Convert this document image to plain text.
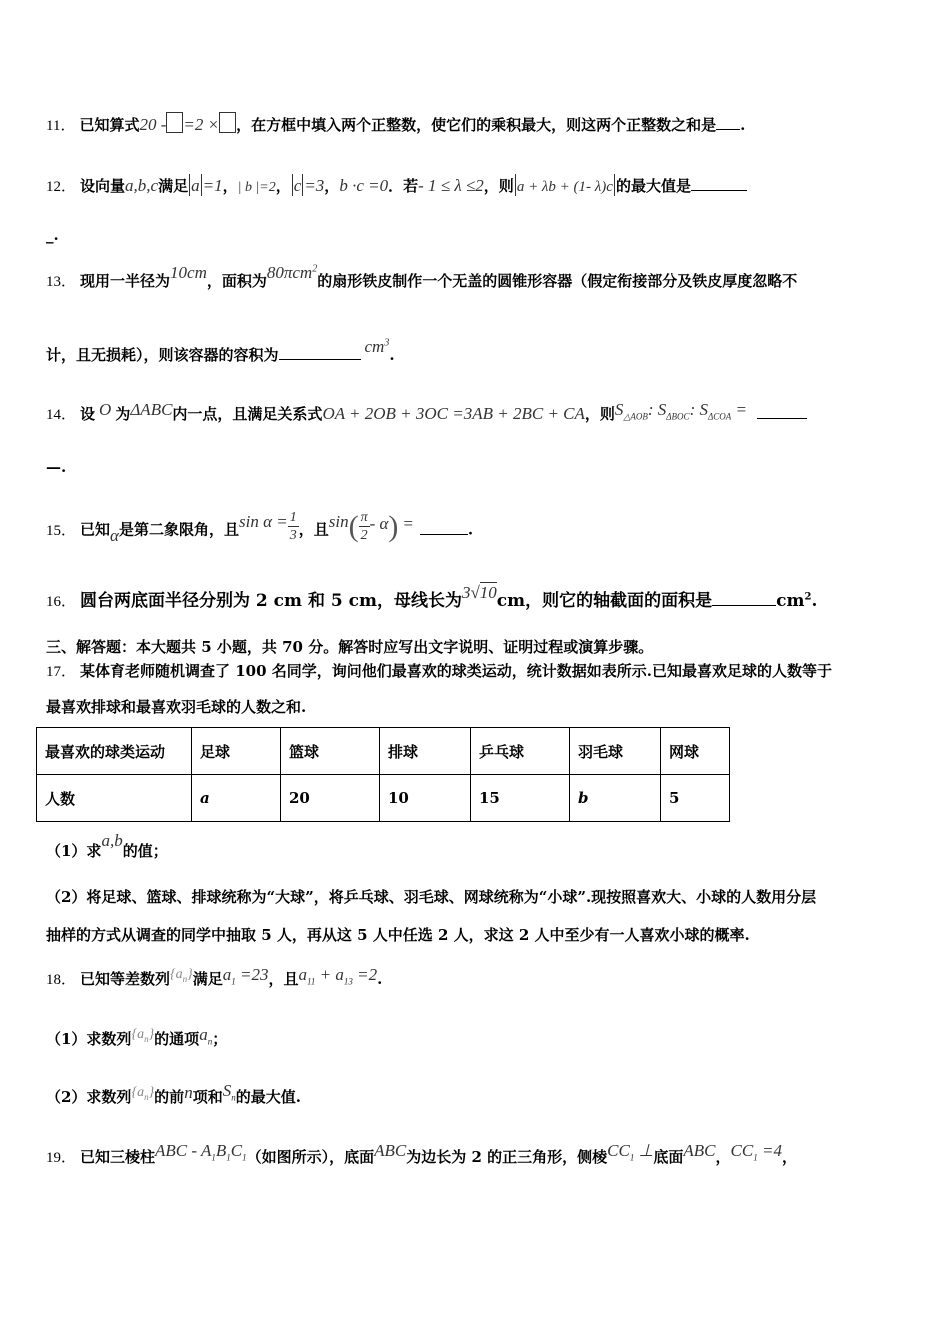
11． 已知算式20 - =2 × ，在方框中填入两个正整数，使它们的乘积最大，则这两个正整数之和是 .
12． 设向量a,b,c满足 a =1，| b |=2， c =3，b ·c =0．若- 1 ≤ λ ≤2，则 a + λb + (1- λ)c 的最大值是
_.
13． 现用一半径为10cm，面积为80πcm$^2$的扇形铁皮制作一个无盖的圆锥形容器（假定衔接部分及铁皮厚度忽略不
计，且无损耗），则该容器的容积为	$cm^3$.
14． 设 O 为ΔABC内一点，且满足关系式OA + 2OB + 3OC =3AB + 2BC + CA，则$S_{\triangle AOB}$: $S_{\Delta BOC}$: $S_{\Delta COA}$ =
—.
15． 已知α是第二象限角，且$\sin \alpha = \frac{1}{3}$ ，且$\sin( \frac{\pi}{2} - \alpha)$ =	.
16． 圆台两底面半径分别为 2 cm 和 5 cm，母线长为3√10cm，则它的轴截面的面积是	$cm^2$.
三、解答题：本大题共 5 小题，共 70 分。解答时应写出文字说明、证明过程或演算步骤。
17． 某体育老师随机调查了 100 名同学，询问他们最喜欢的球类运动，统计数据如表所示.已知最喜欢足球的人数等于
最喜欢排球和最喜欢羽毛球的人数之和.
最喜欢的球类运动	足球	篮球	排球	乒乓球	羽毛球	网球
人数	a	20	10	15	b	5
（1）求a,b的值；
（2）将足球、篮球、排球统称为“大球”，将乒乓球、羽毛球、网球统称为“小球”.现按照喜欢大、小球的人数用分层
抽样的方式从调查的同学中抽取 5 人，再从这 5 人中任选 2 人，求这 2 人中至少有一人喜欢小球的概率.
18． 已知等差数列$\{a_n\}$满足$a_1 =23$，且$a_{11} + a_{13} =2$.
（1）求数列$\{a_n\}$的通项$a_n$；
（2）求数列$\{a_n\}$的前n项和$S_n$的最大值.
19． 已知三棱柱ABC - $A_1B_1C_1$（如图所示），底面ABC为边长为 2 的正三角形，侧棱$CC_1$ ⊥底面ABC，$CC_1 =4$，
